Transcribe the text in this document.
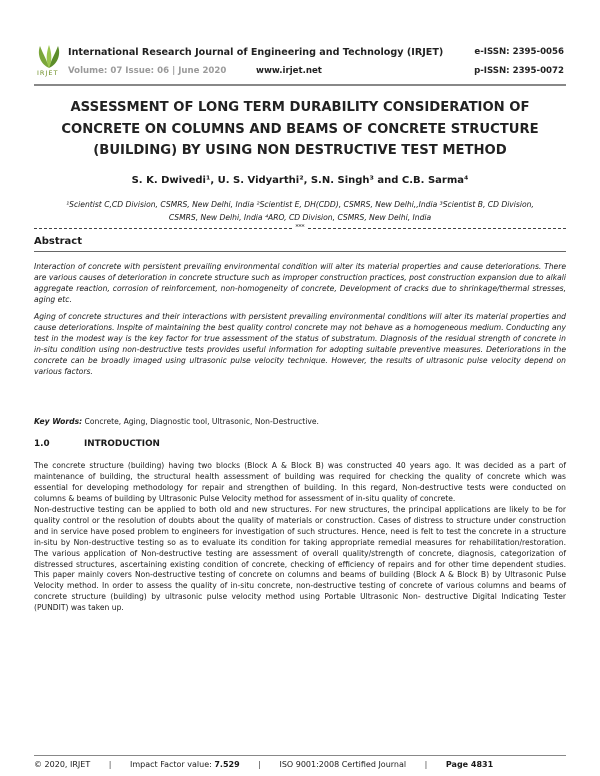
IRJET
International Research Journal of Engineering and Technology (IRJET)
Volume: 07 Issue: 06 | June 2020	www.irjet.net
e-ISSN: 2395-0056
p-ISSN: 2395-0072
ASSESSMENT OF LONG TERM DURABILITY CONSIDERATION OF CONCRETE ON COLUMNS AND BEAMS OF CONCRETE STRUCTURE (BUILDING) BY USING NON DESTRUCTIVE TEST METHOD
S. K. Dwivedi¹, U. S. Vidyarthi², S.N. Singh³ and C.B. Sarma⁴
¹Scientist C,CD Division, CSMRS, New Delhi, India ²Scientist E, DH(CDD), CSMRS, New Delhi,,India ³Scientist B, CD Division, CSMRS, New Delhi, India ⁴ARO, CD Division, CSMRS, New Delhi, India
***
Abstract
Interaction of concrete with persistent prevailing environmental condition will alter its material properties and cause deteriorations. There are various causes of deterioration in concrete structure such as improper construction practices, post construction expansion due to alkali aggregate reaction, corrosion of reinforcement, non-homogeneity of concrete, Development of cracks due to shrinkage/thermal stresses, aging etc.
Aging of concrete structures and their interactions with persistent prevailing environmental conditions will alter its material properties and cause deteriorations. Inspite of maintaining the best quality control concrete may not behave as a homogeneous medium. Conducting any test in the modest way is the key factor for true assessment of the status of substratum. Diagnosis of the residual strength of concrete in in-situ condition using non-destructive tests provides useful information for adopting suitable preventive measures. Deteriorations in the concrete can be broadly imaged using ultrasonic pulse velocity technique. However, the results of ultrasonic pulse velocity depend on various factors.
Key Words: Concrete, Aging, Diagnostic tool, Ultrasonic, Non-Destructive.
1.0	INTRODUCTION
The concrete structure (building) having two blocks (Block A & Block B) was constructed 40 years ago. It was decided as a part of maintenance of building, the structural health assessment of building was required for checking the quality of concrete which was essential for developing methodology for repair and strengthen of building. In this regard, Non-destructive tests were conducted on columns & beams of building by Ultrasonic Pulse Velocity method for assessment of in-situ quality of concrete.
Non-destructive testing can be applied to both old and new structures. For new structures, the principal applications are likely to be for quality control or the resolution of doubts about the quality of materials or construction. Cases of distress to structure under construction and in service have posed problem to engineers for investigation of such structures. Hence, need is felt to test the concrete in a structure in-situ by Non-destructive testing so as to evaluate its condition for taking appropriate remedial measures for rehabilitation/restoration. The various application of Non-destructive testing are assessment of overall quality/strength of concrete, diagnosis, categorization of distressed structures, ascertaining existing condition of concrete, checking of efficiency of repairs and for other time dependent studies. This paper mainly covers Non-destructive testing of concrete on columns and beams of building (Block A & Block B) by Ultrasonic Pulse Velocity method. In order to assess the quality of in-situ concrete, non-destructive testing of concrete of various columns and beams of concrete structure (building) by ultrasonic pulse velocity method using Portable Ultrasonic Non- destructive Digital Indicating Tester (PUNDIT) was taken up.
© 2020, IRJET | Impact Factor value: 7.529 | ISO 9001:2008 Certified Journal | Page 4831
